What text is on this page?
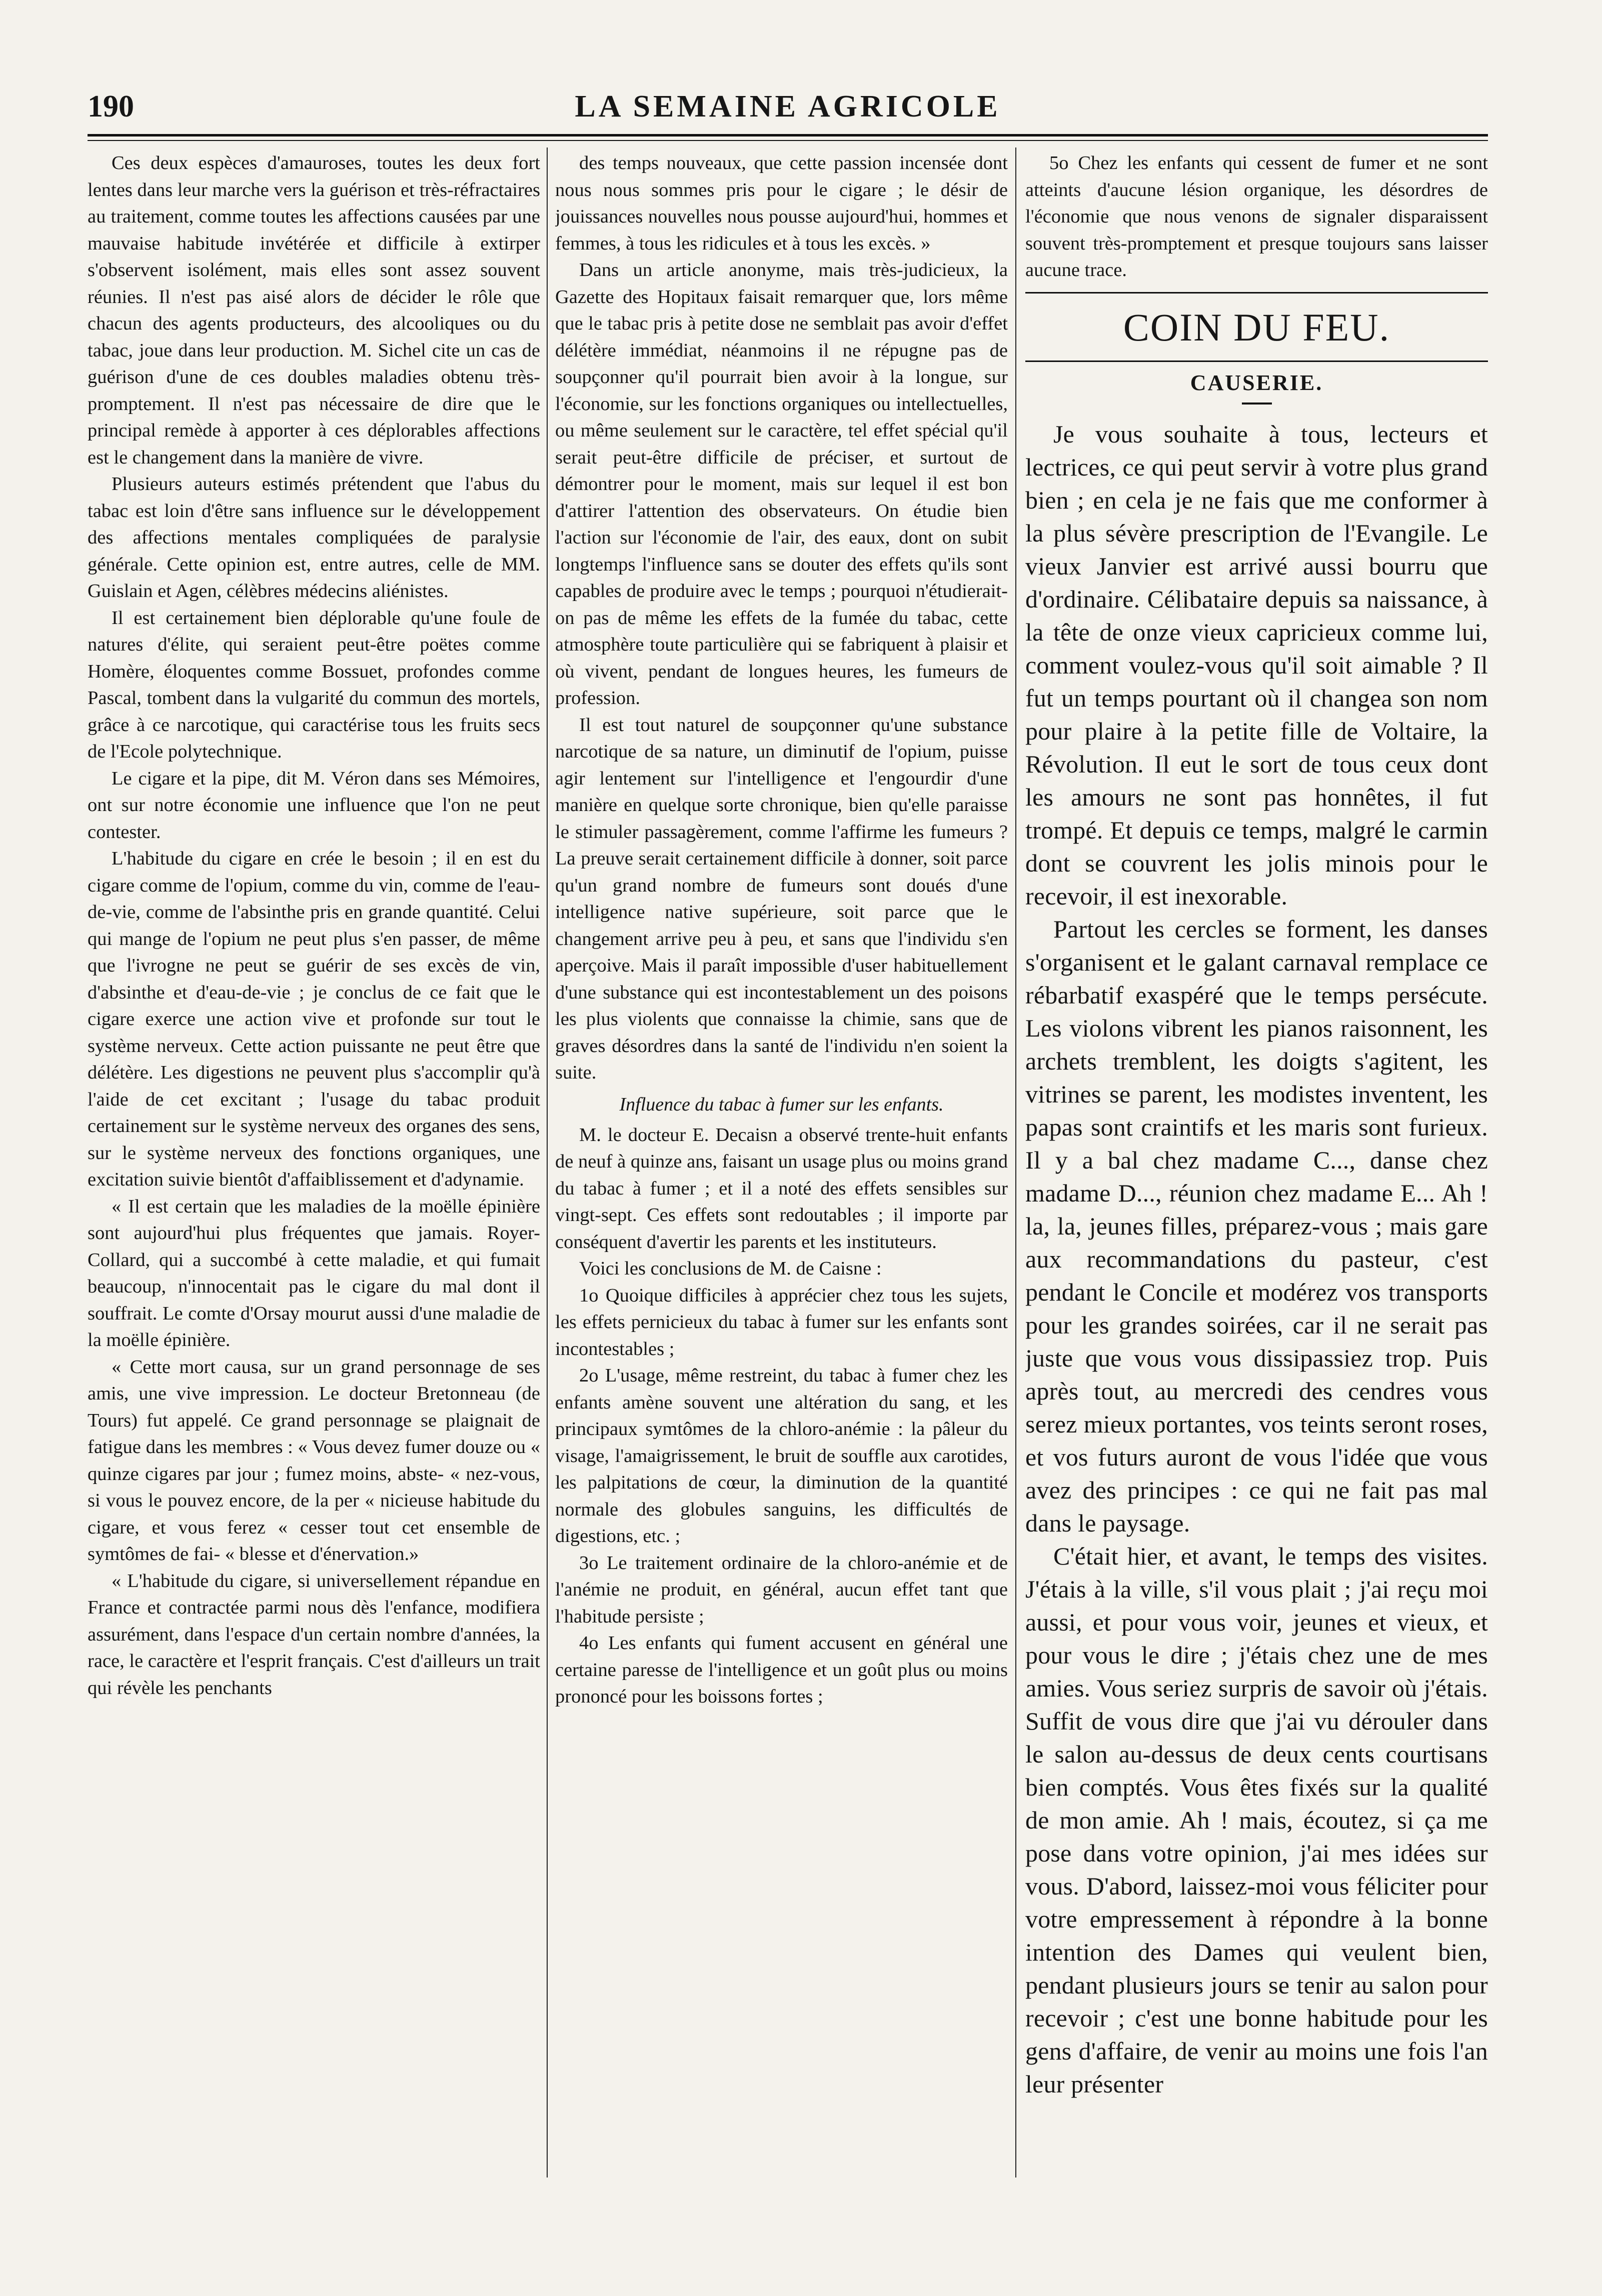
190	LA SEMAINE AGRICOLE

Ces deux espèces d'amauroses, toutes les deux fort lentes dans leur marche vers la guérison et très-réfractaires au traitement, comme toutes les affections causées par une mauvaise habitude invétérée et difficile à extirper s'observent isolément, mais elles sont assez souvent réunies. Il n'est pas aisé alors de décider le rôle que chacun des agents producteurs, des alcooliques ou du tabac, joue dans leur production. M. Sichel cite un cas de guérison d'une de ces doubles maladies obtenu très-promptement. Il n'est pas nécessaire de dire que le principal remède à apporter à ces déplorables affections est le changement dans la manière de vivre.

Plusieurs auteurs estimés prétendent que l'abus du tabac est loin d'être sans influence sur le développement des affections mentales compliquées de paralysie générale. Cette opinion est, entre autres, celle de MM. Guislain et Agen, célèbres médecins aliénistes.

Il est certainement bien déplorable qu'une foule de natures d'élite, qui seraient peut-être poëtes comme Homère, éloquentes comme Bossuet, profondes comme Pascal, tombent dans la vulgarité du commun des mortels, grâce à ce narcotique, qui caractérise tous les fruits secs de l'Ecole polytechnique.

Le cigare et la pipe, dit M. Véron dans ses Mémoires, ont sur notre économie une influence que l'on ne peut contester.

L'habitude du cigare en crée le besoin ; il en est du cigare comme de l'opium, comme du vin, comme de l'eau-de-vie, comme de l'absinthe pris en grande quantité. Celui qui mange de l'opium ne peut plus s'en passer, de même que l'ivrogne ne peut se guérir de ses excès de vin, d'absinthe et d'eau-de-vie ; je conclus de ce fait que le cigare exerce une action vive et profonde sur tout le système nerveux. Cette action puissante ne peut être que délétère. Les digestions ne peuvent plus s'accomplir qu'à l'aide de cet excitant ; l'usage du tabac produit certainement sur le système nerveux des organes des sens, sur le système nerveux des fonctions organiques, une excitation suivie bientôt d'affaiblissement et d'adynamie.

« Il est certain que les maladies de la moëlle épinière sont aujourd'hui plus fréquentes que jamais. Royer-Collard, qui a succombé à cette maladie, et qui fumait beaucoup, n'innocentait pas le cigare du mal dont il souffrait. Le comte d'Orsay mourut aussi d'une maladie de la moëlle épinière.

« Cette mort causa, sur un grand personnage de ses amis, une vive impression. Le docteur Bretonneau (de Tours) fut appelé. Ce grand personnage se plaignait de fatigue dans les membres : « Vous devez fumer douze ou « quinze cigares par jour ; fumez moins, abste- « nez-vous, si vous le pouvez encore, de la per « nicieuse habitude du cigare, et vous ferez « cesser tout cet ensemble de symtômes de fai- « blesse et d'énervation.»

« L'habitude du cigare, si universellement répandue en France et contractée parmi nous dès l'enfance, modifiera assurément, dans l'espace d'un certain nombre d'années, la race, le caractère et l'esprit français. C'est d'ailleurs un trait qui révèle les penchants

des temps nouveaux, que cette passion incensée dont nous nous sommes pris pour le cigare ; le désir de jouissances nouvelles nous pousse aujourd'hui, hommes et femmes, à tous les ridicules et à tous les excès. »

Dans un article anonyme, mais très-judicieux, la Gazette des Hopitaux faisait remarquer que, lors même que le tabac pris à petite dose ne semblait pas avoir d'effet délétère immédiat, néanmoins il ne répugne pas de soupçonner qu'il pourrait bien avoir à la longue, sur l'économie, sur les fonctions organiques ou intellectuelles, ou même seulement sur le caractère, tel effet spécial qu'il serait peut-être difficile de préciser, et surtout de démontrer pour le moment, mais sur lequel il est bon d'attirer l'attention des observateurs. On étudie bien l'action sur l'économie de l'air, des eaux, dont on subit longtemps l'influence sans se douter des effets qu'ils sont capables de produire avec le temps ; pourquoi n'étudierait-on pas de même les effets de la fumée du tabac, cette atmosphère toute particulière qui se fabriquent à plaisir et où vivent, pendant de longues heures, les fumeurs de profession.

Il est tout naturel de soupçonner qu'une substance narcotique de sa nature, un diminutif de l'opium, puisse agir lentement sur l'intelligence et l'engourdir d'une manière en quelque sorte chronique, bien qu'elle paraisse le stimuler passagèrement, comme l'affirme les fumeurs ? La preuve serait certainement difficile à donner, soit parce qu'un grand nombre de fumeurs sont doués d'une intelligence native supérieure, soit parce que le changement arrive peu à peu, et sans que l'individu s'en aperçoive. Mais il paraît impossible d'user habituellement d'une substance qui est incontestablement un des poisons les plus violents que connaisse la chimie, sans que de graves désordres dans la santé de l'individu n'en soient la suite.

Influence du tabac à fumer sur les enfants.

M. le docteur E. Decaisn a observé trente-huit enfants de neuf à quinze ans, faisant un usage plus ou moins grand du tabac à fumer ; et il a noté des effets sensibles sur vingt-sept. Ces effets sont redoutables ; il importe par conséquent d'avertir les parents et les instituteurs.

Voici les conclusions de M. de Caisne :

1o Quoique difficiles à apprécier chez tous les sujets, les effets pernicieux du tabac à fumer sur les enfants sont incontestables ;

2o L'usage, même restreint, du tabac à fumer chez les enfants amène souvent une altération du sang, et les principaux symtômes de la chloro-anémie : la pâleur du visage, l'amaigrissement, le bruit de souffle aux carotides, les palpitations de cœur, la diminution de la quantité normale des globules sanguins, les difficultés de digestions, etc. ;

3o Le traitement ordinaire de la chloro-anémie et de l'anémie ne produit, en général, aucun effet tant que l'habitude persiste ;

4o Les enfants qui fument accusent en général une certaine paresse de l'intelligence et un goût plus ou moins prononcé pour les boissons fortes ;

5o Chez les enfants qui cessent de fumer et ne sont atteints d'aucune lésion organique, les désordres de l'économie que nous venons de signaler disparaissent souvent très-promptement et presque toujours sans laisser aucune trace.

COIN DU FEU.
CAUSERIE.

Je vous souhaite à tous, lecteurs et lectrices, ce qui peut servir à votre plus grand bien ; en cela je ne fais que me conformer à la plus sévère prescription de l'Evangile. Le vieux Janvier est arrivé aussi bourru que d'ordinaire. Célibataire depuis sa naissance, à la tête de onze vieux capricieux comme lui, comment voulez-vous qu'il soit aimable ? Il fut un temps pourtant où il changea son nom pour plaire à la petite fille de Voltaire, la Révolution. Il eut le sort de tous ceux dont les amours ne sont pas honnêtes, il fut trompé. Et depuis ce temps, malgré le carmin dont se couvrent les jolis minois pour le recevoir, il est inexorable.

Partout les cercles se forment, les danses s'organisent et le galant carnaval remplace ce rébarbatif exaspéré que le temps persécute. Les violons vibrent les pianos raisonnent, les archets tremblent, les doigts s'agitent, les vitrines se parent, les modistes inventent, les papas sont craintifs et les maris sont furieux. Il y a bal chez madame C..., danse chez madame D..., réunion chez madame E... Ah ! la, la, jeunes filles, préparez-vous ; mais gare aux recommandations du pasteur, c'est pendant le Concile et modérez vos transports pour les grandes soirées, car il ne serait pas juste que vous vous dissipassiez trop. Puis après tout, au mercredi des cendres vous serez mieux portantes, vos teints seront roses, et vos futurs auront de vous l'idée que vous avez des principes : ce qui ne fait pas mal dans le paysage.

C'était hier, et avant, le temps des visites. J'étais à la ville, s'il vous plait ; j'ai reçu moi aussi, et pour vous voir, jeunes et vieux, et pour vous le dire ; j'étais chez une de mes amies. Vous seriez surpris de savoir où j'étais. Suffit de vous dire que j'ai vu dérouler dans le salon au-dessus de deux cents courtisans bien comptés. Vous êtes fixés sur la qualité de mon amie. Ah ! mais, écoutez, si ça me pose dans votre opinion, j'ai mes idées sur vous. D'abord, laissez-moi vous féliciter pour votre empressement à répondre à la bonne intention des Dames qui veulent bien, pendant plusieurs jours se tenir au salon pour recevoir ; c'est une bonne habitude pour les gens d'affaire, de venir au moins une fois l'an leur présenter
